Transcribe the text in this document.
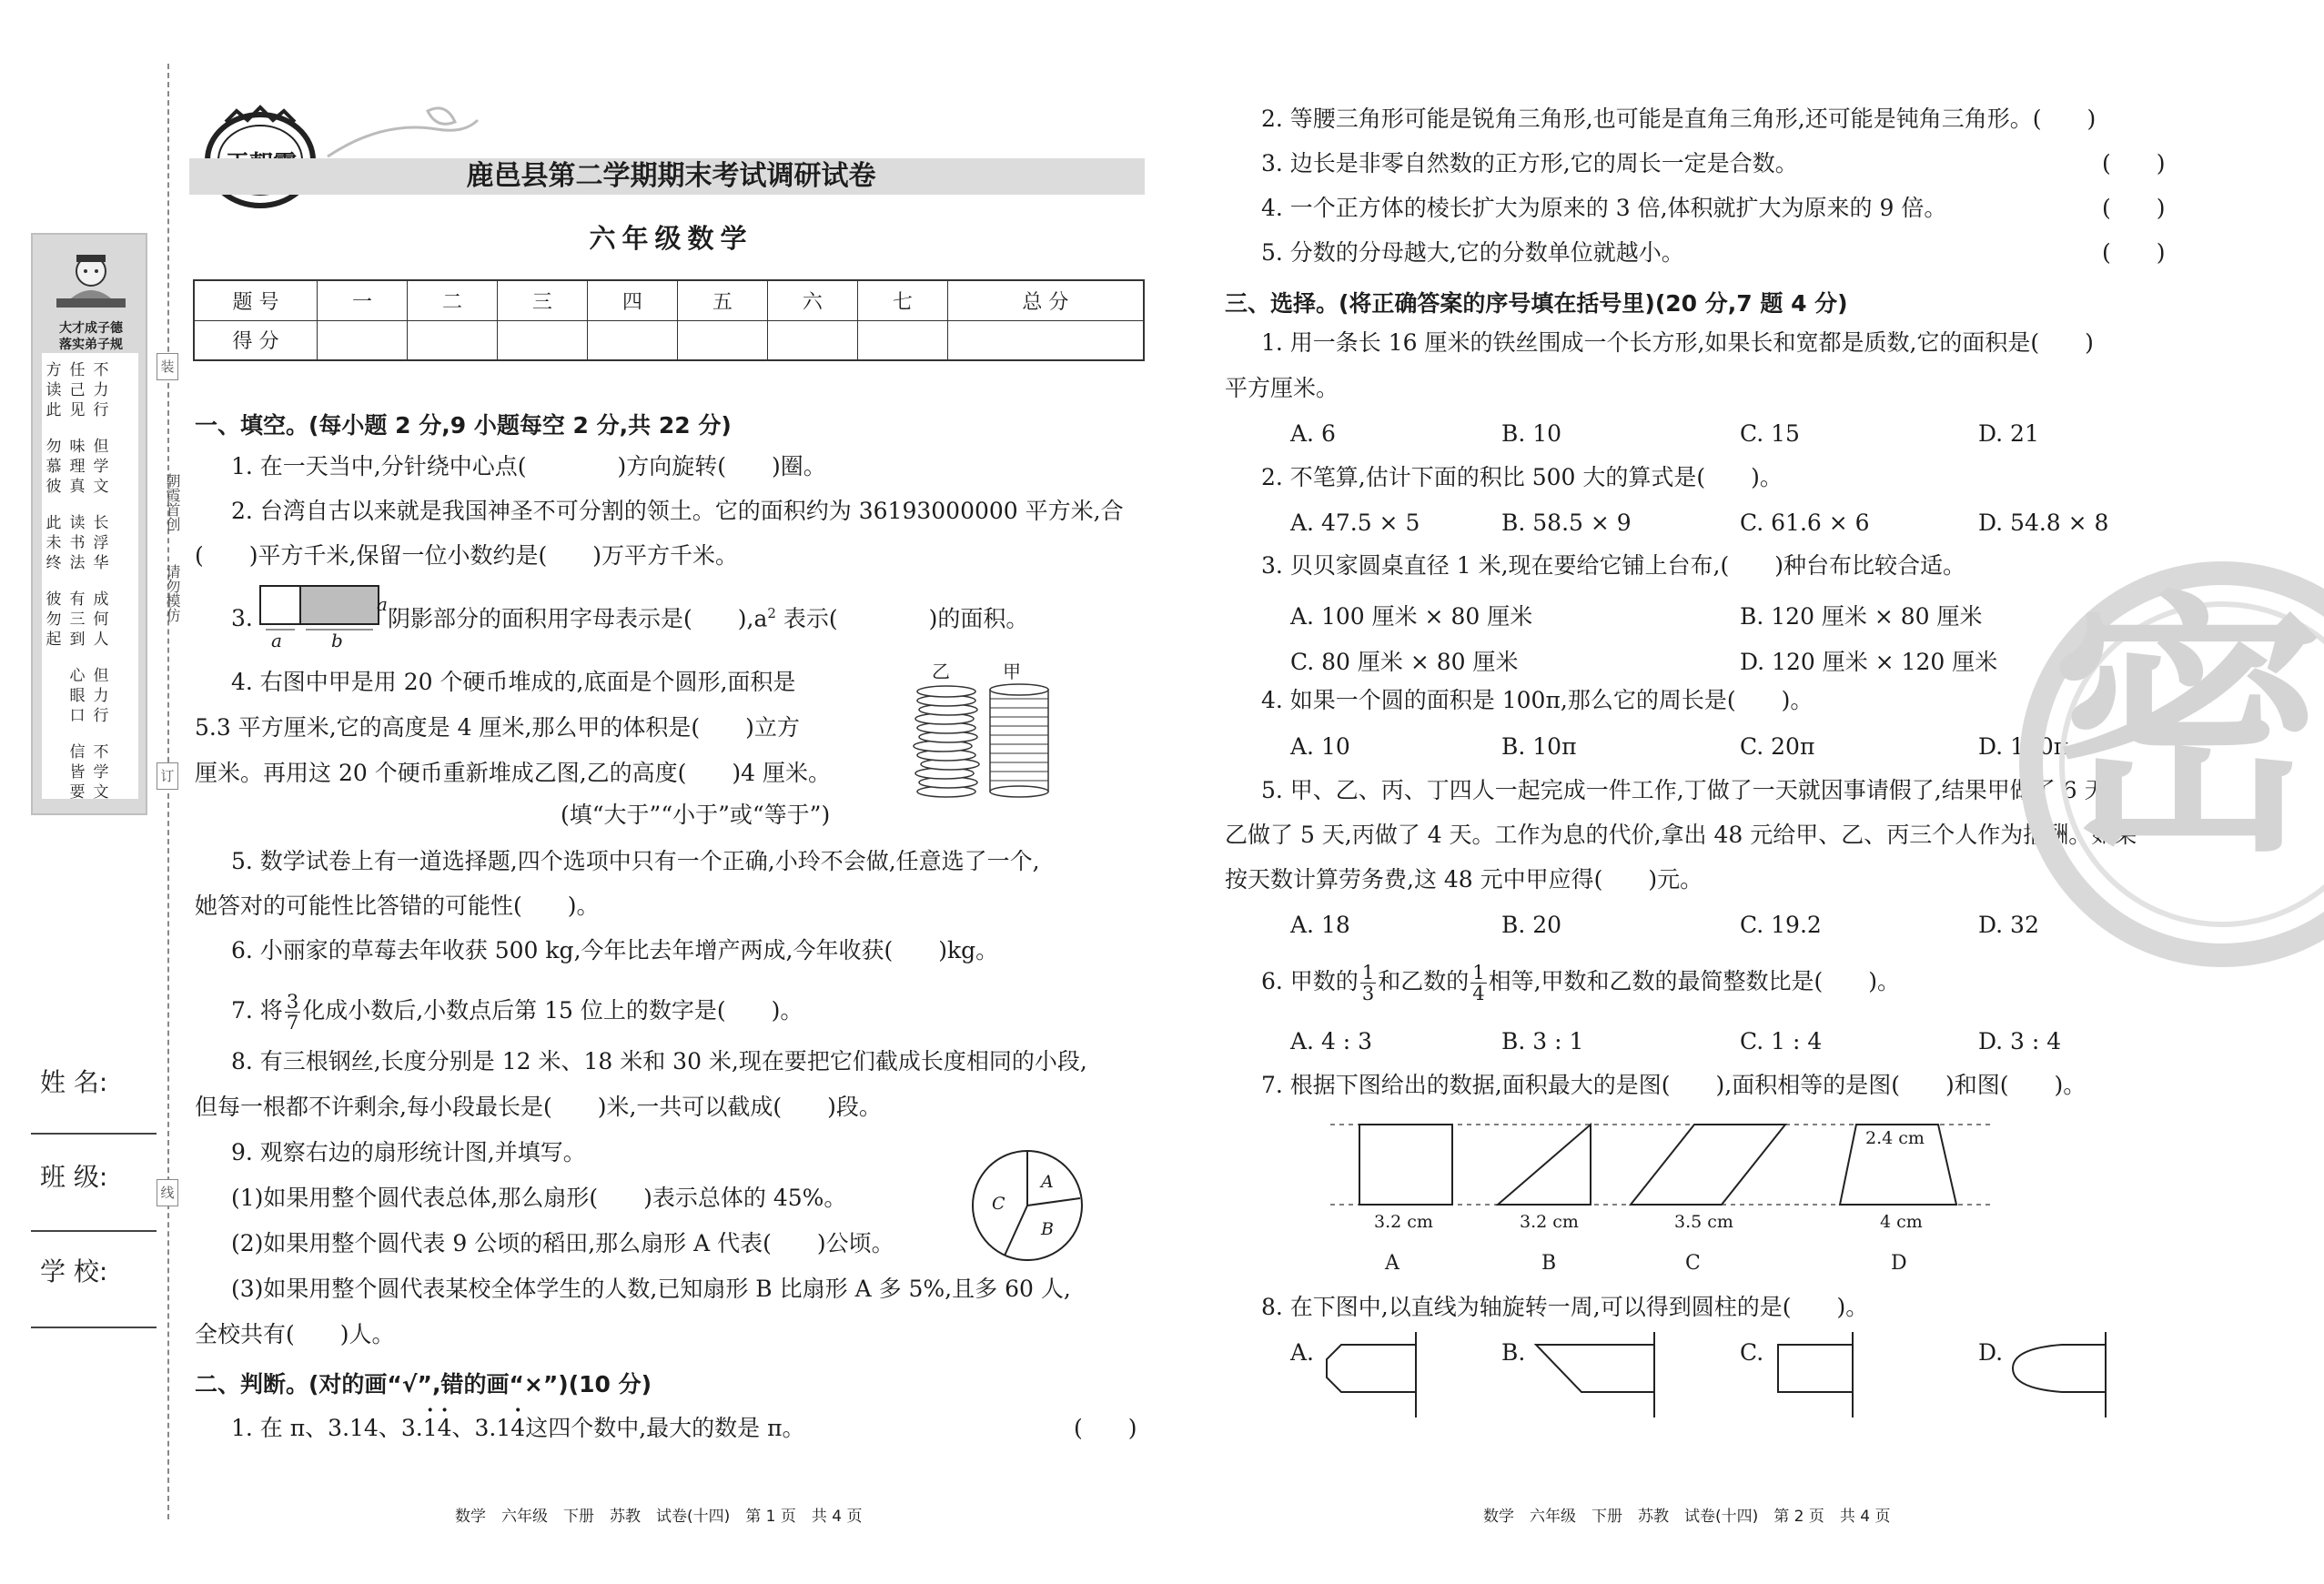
大才成子德
落实弟子规
方读此
勿慕彼
此未终
彼勿起
任己见
味理真
读书法
有三到
心眼口
信皆要
不力行
但学文
长浮华
成何人
但力行
不学文
姓 名:
班 级:
学 校:
装
订
线
朝霞首创
请勿模仿
鹿邑县第二学期期末考试调研试卷
六年级数学
题 号	一	二	三	四	五	六	七	总 分
得 分								
一、填空。(每小题 2 分,9 小题每空 2 分,共 22 分)
1. 在一天当中,分针绕中心点(　　　　)方向旋转(　　)圈。
2. 台湾自古以来就是我国神圣不可分割的领土。它的面积约为 36193000000 平方米,合
(　　)平方千米,保留一位小数约是(　　)万平方千米。
3.
a
a	b
阴影部分的面积用字母表示是(　　)$,a^2$ 表示(　　　　)的面积。
4. 右图中甲是用 20 个硬币堆成的,底面是个圆形,面积是
5.3 平方厘米,它的高度是 4 厘米,那么甲的体积是(　　)立方
厘米。再用这 20 个硬币重新堆成乙图,乙的高度(　　)4 厘米。
(填“大于”“小于”或“等于”)
乙	甲
5. 数学试卷上有一道选择题,四个选项中只有一个正确,小玲不会做,任意选了一个,
她答对的可能性比答错的可能性(　　)。
6. 小丽家的草莓去年收获 500 kg,今年比去年增产两成,今年收获(　　)kg。
7. 将 $\frac{3}{7}$ 化成小数后,小数点后第 15 位上的数字是(　　)。
8. 有三根钢丝,长度分别是 12 米、18 米和 30 米,现在要把它们截成长度相同的小段,
但每一根都不许剩余,每小段最长是(　　)米,一共可以截成(　　)段。
9. 观察右边的扇形统计图,并填写。
(1)如果用整个圆代表总体,那么扇形(　　)表示总体的 45%。
(2)如果用整个圆代表 9 公顷的稻田,那么扇形 A 代表(　　)公顷。
(3)如果用整个圆代表某校全体学生的人数,已知扇形 B 比扇形 A 多 5%,且多 60 人,
全校共有(　　)人。
A
B
C
二、判断。(对的画“√”,错的画“×”)(10 分)
1. 在 π、3.14、3.· 1· 4、3.1· 4这四个数中,最大的数是 π。	(　　)
数学　六年级　下册　苏教　试卷(十四)　第 1 页　共 4 页
2. 等腰三角形可能是锐角三角形,也可能是直角三角形,还可能是钝角三角形。(　　)
3. 边长是非零自然数的正方形,它的周长一定是合数。	(　　)
4. 一个正方体的棱长扩大为原来的 3 倍,体积就扩大为原来的 9 倍。	(　　)
5. 分数的分母越大,它的分数单位就越小。	(　　)
三、选择。(将正确答案的序号填在括号里)(20 分,7 题 4 分)
1. 用一条长 16 厘米的铁丝围成一个长方形,如果长和宽都是质数,它的面积是(　　)
平方厘米。
A. 6	B. 10	C. 15	D. 21
2. 不笔算,估计下面的积比 500 大的算式是(　　)。
A. 47.5 × 5	B. 58.5 × 9	C. 61.6 × 6	D. 54.8 × 8
3. 贝贝家圆桌直径 1 米,现在要给它铺上台布,(　　)种台布比较合适。
A. 100 厘米 × 80 厘米	B. 120 厘米 × 80 厘米
C. 80 厘米 × 80 厘米	D. 120 厘米 × 120 厘米
4. 如果一个圆的面积是 100π,那么它的周长是(　　)。
A. 10	B. 10π	C. 20π	D. 100π
5. 甲、乙、丙、丁四人一起完成一件工作,丁做了一天就因事请假了,结果甲做了 6 天,
乙做了 5 天,丙做了 4 天。工作为息的代价,拿出 48 元给甲、乙、丙三个人作为报酬。如果
按天数计算劳务费,这 48 元中甲应得(　　)元。
A. 18	B. 20	C. 19.2	D. 32
6. 甲数的 $\frac{1}{3}$ 和乙数的 $\frac{1}{4}$ 相等,甲数和乙数的最简整数比是(　　)。
A. 4 : 3	B. 3 : 1	C. 1 : 4	D. 3 : 4
7. 根据下图给出的数据,面积最大的是图(　　),面积相等的是图(　　)和图(　　)。
2.4 cm
3.2 cm	3.2 cm	3.5 cm	4 cm
A	B	C	D
8. 在下图中,以直线为轴旋转一周,可以得到圆柱的是(　　)。
A.	B.	C.	D.
数学　六年级　下册　苏教　试卷(十四)　第 2 页　共 4 页
密
